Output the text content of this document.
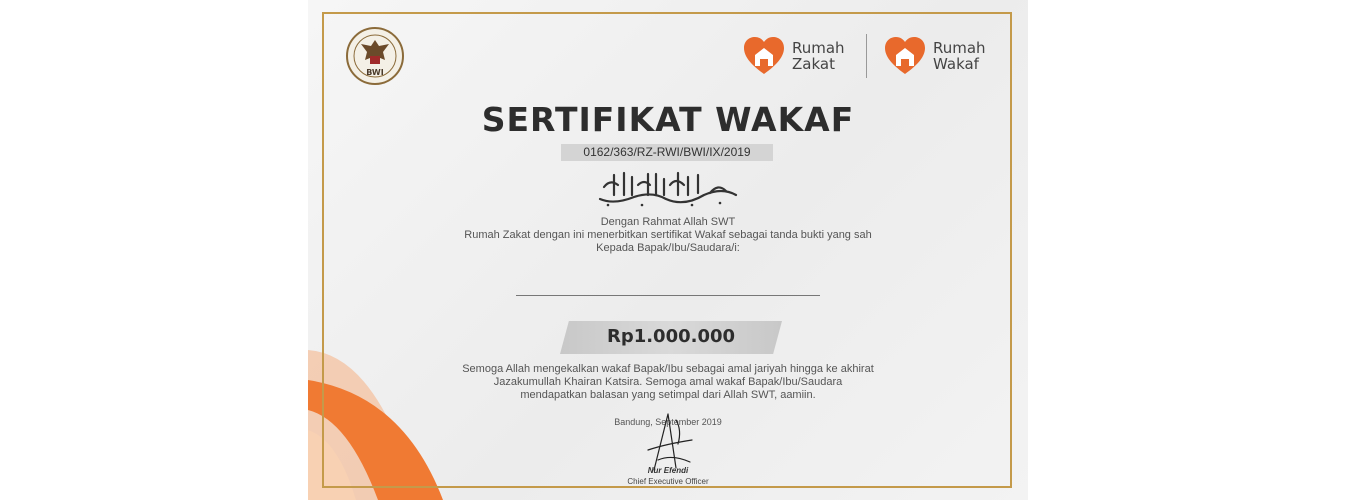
BWI
Rumah
Zakat
Rumah
Wakaf
SERTIFIKAT WAKAF
0162/363/RZ-RWI/BWI/IX/2019
Dengan Rahmat Allah SWT
Rumah Zakat dengan ini menerbitkan sertifikat Wakaf sebagai tanda bukti yang sah
Kepada Bapak/Ibu/Saudara/i:
Rp1.000.000
Semoga Allah mengekalkan wakaf Bapak/Ibu sebagai amal jariyah hingga ke akhirat
Jazakumullah Khairan Katsira. Semoga amal wakaf Bapak/Ibu/Saudara
mendapatkan balasan yang setimpal dari Allah SWT, aamiin.
Bandung, September 2019
Nur Efendi
Chief Executive Officer
